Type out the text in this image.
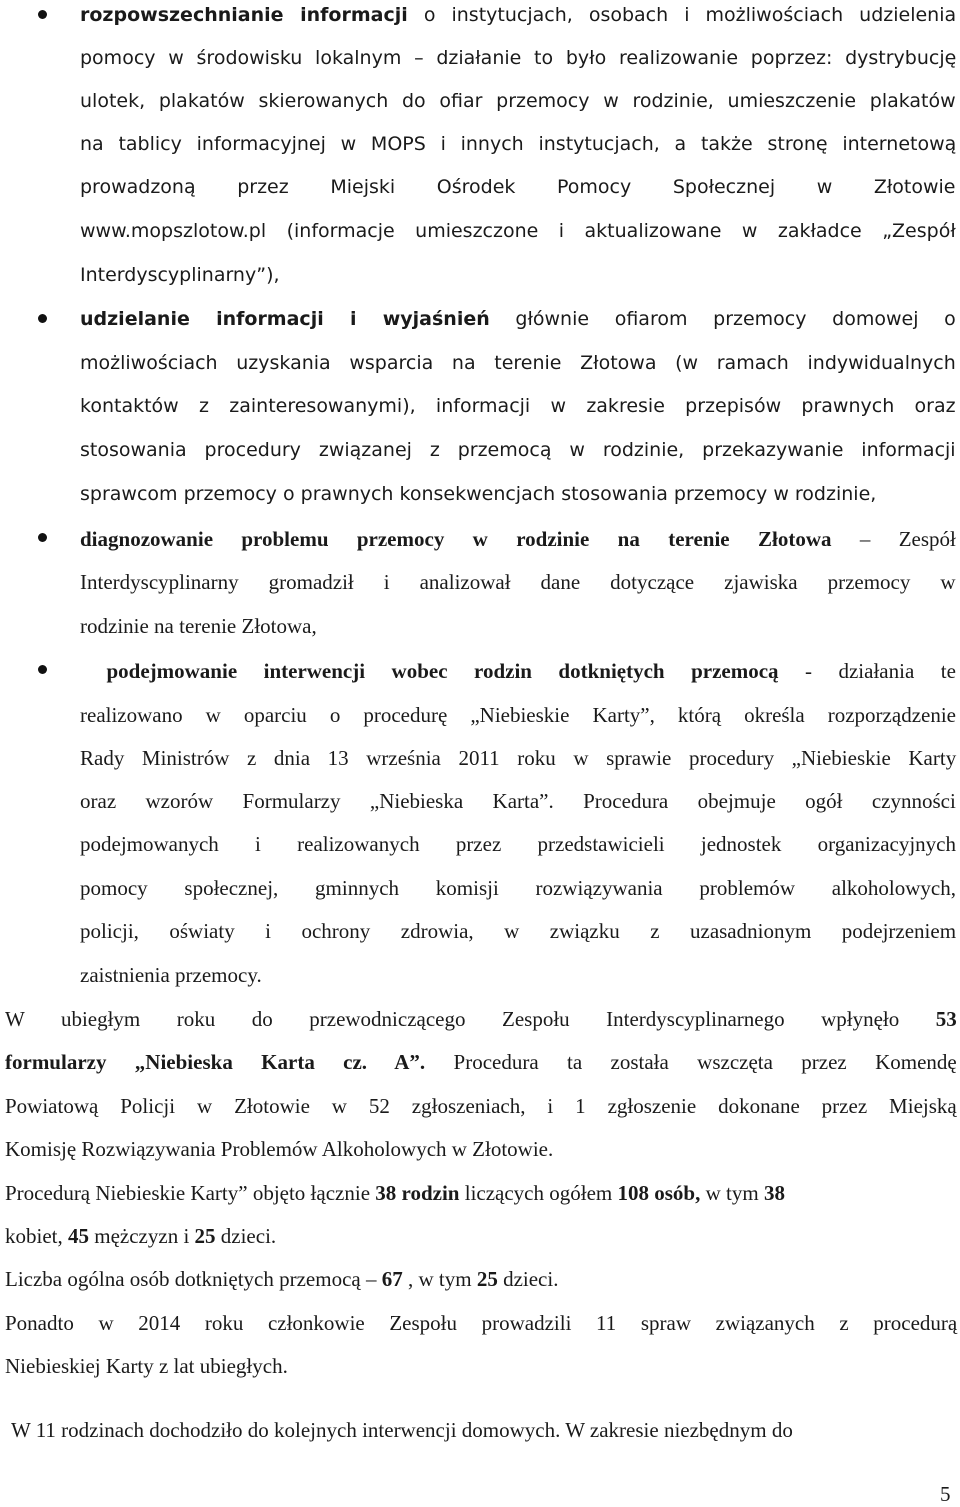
rozpowszechnianie informacji o instytucjach, osobach i możliwościach udzielenia
pomocy w środowisku lokalnym – działanie to było realizowanie poprzez: dystrybucję
ulotek, plakatów skierowanych do ofiar przemocy w rodzinie, umieszczenie plakatów
na tablicy informacyjnej w MOPS i innych instytucjach, a także stronę internetową
prowadzoną przez Miejski Ośrodek Pomocy Społecznej w Złotowie
www.mopszlotow.pl (informacje umieszczone i aktualizowane w zakładce „Zespół
Interdyscyplinarny”),
udzielanie informacji i wyjaśnień głównie ofiarom przemocy domowej o
możliwościach uzyskania wsparcia na terenie Złotowa (w ramach indywidualnych
kontaktów z zainteresowanymi), informacji w zakresie przepisów prawnych oraz
stosowania procedury związanej z przemocą w rodzinie, przekazywanie informacji
sprawcom przemocy o prawnych konsekwencjach stosowania przemocy w rodzinie,
diagnozowanie problemu przemocy w rodzinie na terenie Złotowa – Zespół
Interdyscyplinarny gromadził i analizował dane dotyczące zjawiska przemocy w
rodzinie na terenie Złotowa,
podejmowanie interwencji wobec rodzin dotkniętych przemocą - działania te
realizowano w oparciu o procedurę „Niebieskie Karty”, którą określa rozporządzenie
Rady Ministrów z dnia 13 września 2011 roku w sprawie procedury „Niebieskie Karty
oraz wzorów Formularzy „Niebieska Karta”. Procedura obejmuje ogół czynności
podejmowanych i realizowanych przez przedstawicieli jednostek organizacyjnych
pomocy społecznej, gminnych komisji rozwiązywania problemów alkoholowych,
policji, oświaty i ochrony zdrowia, w związku z uzasadnionym podejrzeniem
zaistnienia przemocy.
W ubiegłym roku do przewodniczącego Zespołu Interdyscyplinarnego wpłynęło 53
formularzy „Niebieska Karta cz. A”. Procedura ta została wszczęta przez Komendę
Powiatową Policji w Złotowie w 52 zgłoszeniach, i 1 zgłoszenie dokonane przez Miejską
Komisję Rozwiązywania Problemów Alkoholowych w Złotowie.
Procedurą Niebieskie Karty” objęto łącznie 38 rodzin liczących ogółem 108 osób, w tym 38
kobiet, 45 mężczyzn i 25 dzieci.
Liczba ogólna osób dotkniętych przemocą – 67 , w tym 25 dzieci.
Ponadto w 2014 roku członkowie Zespołu prowadzili 11 spraw związanych z procedurą
Niebieskiej Karty z lat ubiegłych.
W 11 rodzinach dochodziło do kolejnych interwencji domowych. W zakresie niezbędnym do
5
